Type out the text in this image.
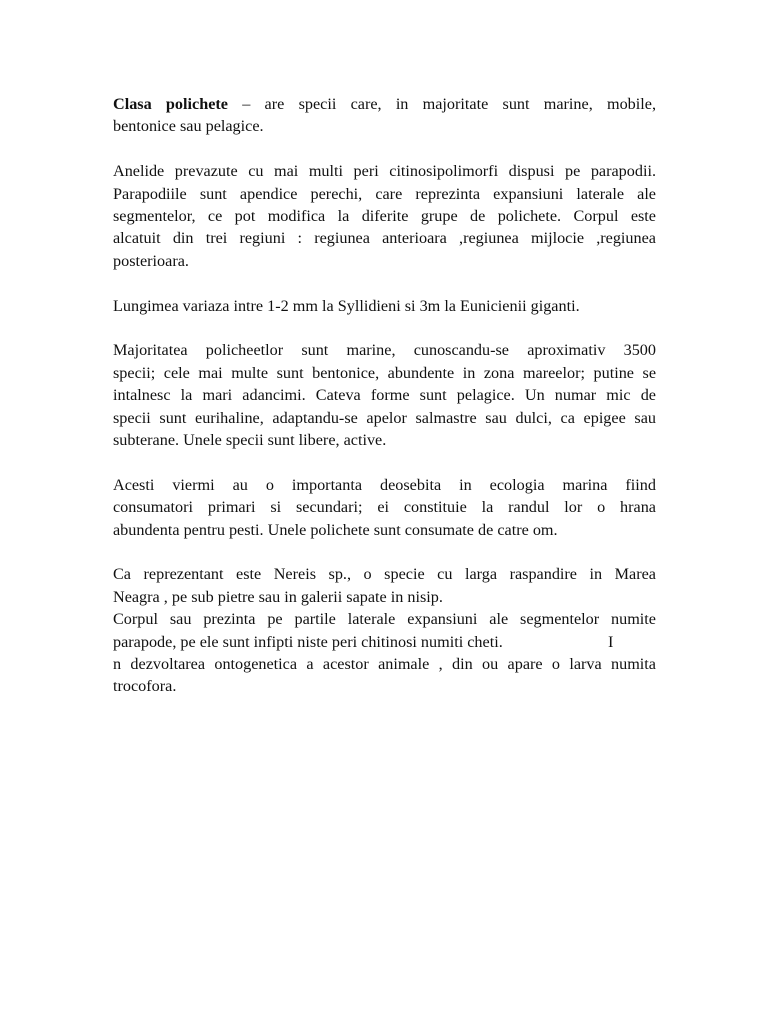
Clasa polichete – are specii care, in majoritate sunt marine, mobile,
bentonice sau pelagice.

Anelide prevazute cu mai multi peri citinosipolimorfi dispusi pe parapodii.
Parapodiile sunt apendice perechi, care reprezinta expansiuni laterale ale
segmentelor, ce pot modifica la diferite grupe de polichete. Corpul este
alcatuit din trei regiuni : regiunea anterioara ,regiunea mijlocie ,regiunea
posterioara.

Lungimea variaza intre 1-2 mm la Syllidieni si 3m la Eunicienii giganti.

Majoritatea policheetlor sunt marine, cunoscandu-se aproximativ 3500
specii; cele mai multe sunt bentonice, abundente in zona mareelor; putine se
intalnesc la mari adancimi. Cateva forme sunt pelagice. Un numar mic de
specii sunt eurihaline, adaptandu-se apelor salmastre sau dulci, ca epigee sau
subterane. Unele specii sunt libere, active.

Acesti viermi au o importanta deosebita in ecologia marina fiind
consumatori primari si secundari; ei constituie la randul lor o hrana
abundenta pentru pesti. Unele polichete sunt consumate de catre om.

Ca reprezentant este Nereis sp., o specie cu larga raspandire in Marea
Neagra , pe sub pietre sau in galerii sapate in nisip.
Corpul sau prezinta pe partile laterale expansiuni ale segmentelor numite
parapode, pe ele sunt infipti niste peri chitinosi numiti cheti.	I
n dezvoltarea ontogenetica a acestor animale , din ou apare o larva numita
trocofora.
